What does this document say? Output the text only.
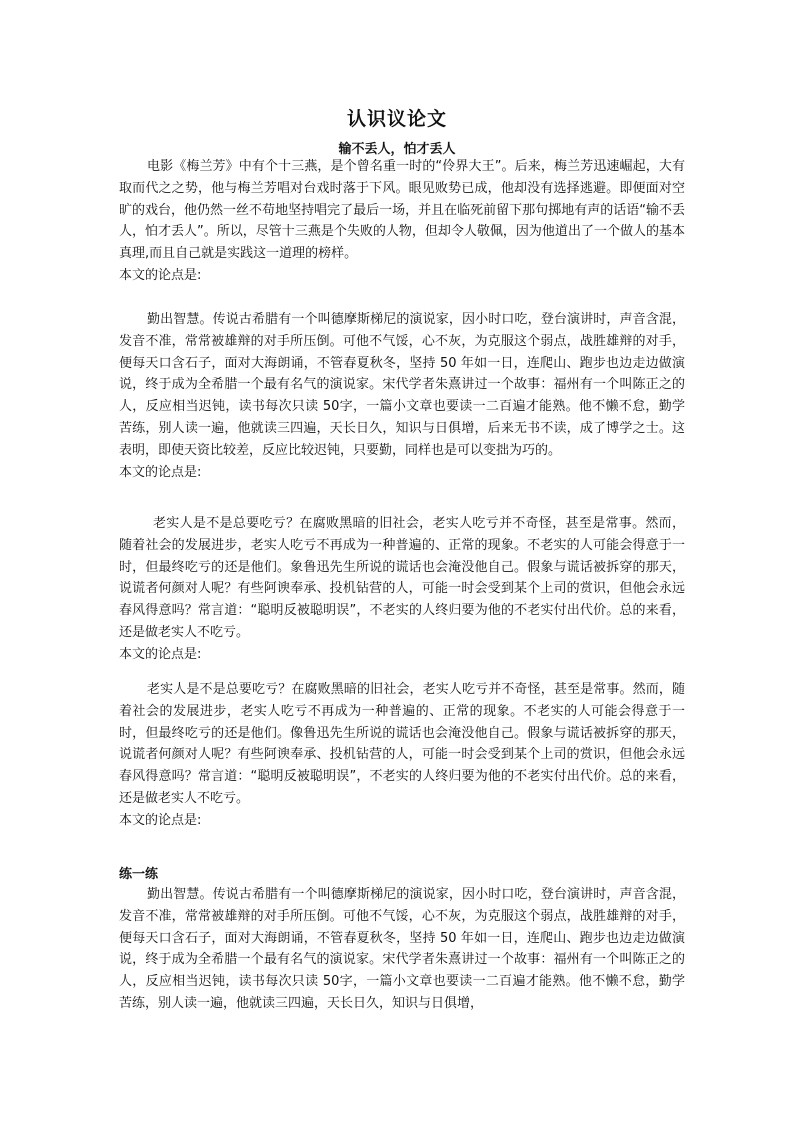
认识议论文
输不丢人，怕才丢人

电影《梅兰芳》中有个十三燕，是个曾名重一时的“伶界大王”。后来，梅兰芳迅速崛起，大有取而代之之势，他与梅兰芳唱对台戏时落于下风。眼见败势已成，他却没有选择逃避。即便面对空旷的戏台，他仍然一丝不苟地坚持唱完了最后一场，并且在临死前留下那句掷地有声的话语“输不丢人，怕才丢人”。所以，尽管十三燕是个失败的人物，但却令人敬佩，因为他道出了一个做人的基本真理,而且自己就是实践这一道理的榜样。

本文的论点是:

勤出智慧。传说古希腊有一个叫德摩斯梯尼的演说家，因小时口吃，登台演讲时，声音含混，发音不准，常常被雄辩的对手所压倒。可他不气馁，心不灰，为克服这个弱点，战胜雄辩的对手，便每天口含石子，面对大海朗诵，不管春夏秋冬，坚持 50 年如一日，连爬山、跑步也边走边做演说，终于成为全希腊一个最有名气的演说家。宋代学者朱熹讲过一个故事：福州有一个叫陈正之的人，反应相当迟钝，读书每次只读 50字，一篇小文章也要读一二百遍才能熟。他不懒不怠，勤学苦练，别人读一遍，他就读三四遍，天长日久，知识与日俱增，后来无书不读，成了博学之士。这表明，即使天资比较差，反应比较迟钝，只要勤，同样也是可以变拙为巧的。

本文的论点是:

老实人是不是总要吃亏？在腐败黑暗的旧社会，老实人吃亏并不奇怪，甚至是常事。然而，随着社会的发展进步，老实人吃亏不再成为一种普遍的、正常的现象。不老实的人可能会得意于一时，但最终吃亏的还是他们。象鲁迅先生所说的谎话也会淹没他自己。假象与谎话被拆穿的那天，说谎者何颜对人呢？有些阿谀奉承、投机钻营的人，可能一时会受到某个上司的赏识，但他会永远春风得意吗？常言道：“聪明反被聪明误”，不老实的人终归要为他的不老实付出代价。总的来看，还是做老实人不吃亏。

本文的论点是:

老实人是不是总要吃亏？在腐败黑暗的旧社会，老实人吃亏并不奇怪，甚至是常事。然而，随着社会的发展进步，老实人吃亏不再成为一种普遍的、正常的现象。不老实的人可能会得意于一时，但最终吃亏的还是他们。像鲁迅先生所说的谎话也会淹没他自己。假象与谎话被拆穿的那天，说谎者何颜对人呢？有些阿谀奉承、投机钻营的人，可能一时会受到某个上司的赏识，但他会永远春风得意吗？常言道：“聪明反被聪明误”，不老实的人终归要为他的不老实付出代价。总的来看，还是做老实人不吃亏。

本文的论点是:

练一练

勤出智慧。传说古希腊有一个叫德摩斯梯尼的演说家，因小时口吃，登台演讲时，声音含混，发音不准，常常被雄辩的对手所压倒。可他不气馁，心不灰，为克服这个弱点，战胜雄辩的对手，便每天口含石子，面对大海朗诵，不管春夏秋冬，坚持 50 年如一日，连爬山、跑步也边走边做演说，终于成为全希腊一个最有名气的演说家。宋代学者朱熹讲过一个故事：福州有一个叫陈正之的人，反应相当迟钝，读书每次只读 50字，一篇小文章也要读一二百遍才能熟。他不懒不怠，勤学苦练，别人读一遍，他就读三四遍，天长日久，知识与日俱增，
